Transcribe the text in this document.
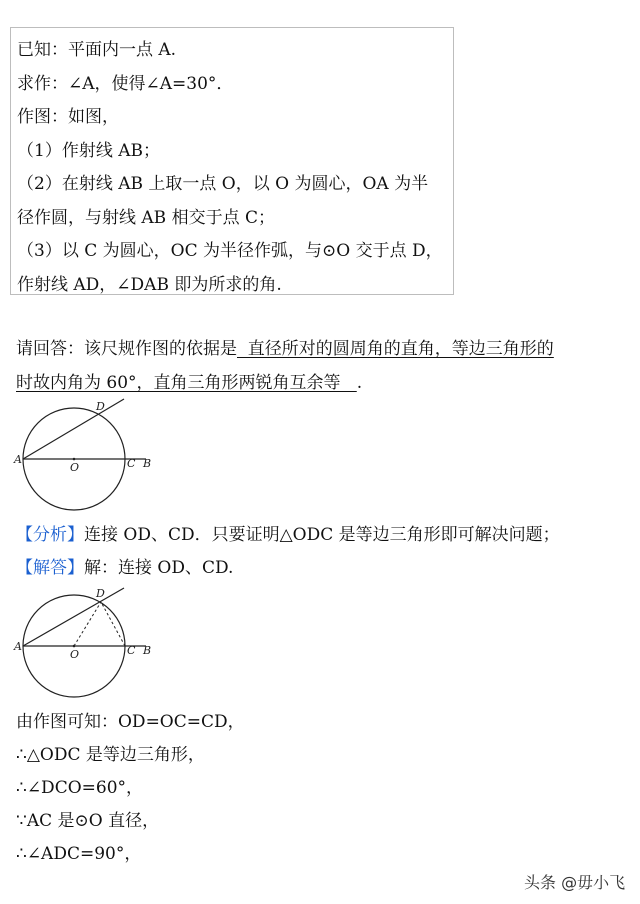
已知：平面内一点 A.
求作：∠A，使得∠A=30°．
作图：如图，
（1）作射线 AB；
（2）在射线 AB 上取一点 O，以 O 为圆心，OA 为半
径作圆，与射线 AB 相交于点 C；
（3）以 C 为圆心，OC 为半径作弧，与⊙O 交于点 D，
作射线 AD，∠DAB 即为所求的角.
请回答：该尺规作图的依据是  直径所对的圆周角的直角，等边三角形的
时故内角为 60°，直角三角形两锐角互余等   .
A
O	C B
D
【分析】连接 OD、CD．只要证明△ODC 是等边三角形即可解决问题；
【解答】解：连接 OD、CD.
A
O	C B
D
由作图可知：OD=OC=CD，
∴△ODC 是等边三角形，
∴∠DCO=60°，
∵AC 是⊙O 直径，
∴∠ADC=90°，
头条 @毋小飞
